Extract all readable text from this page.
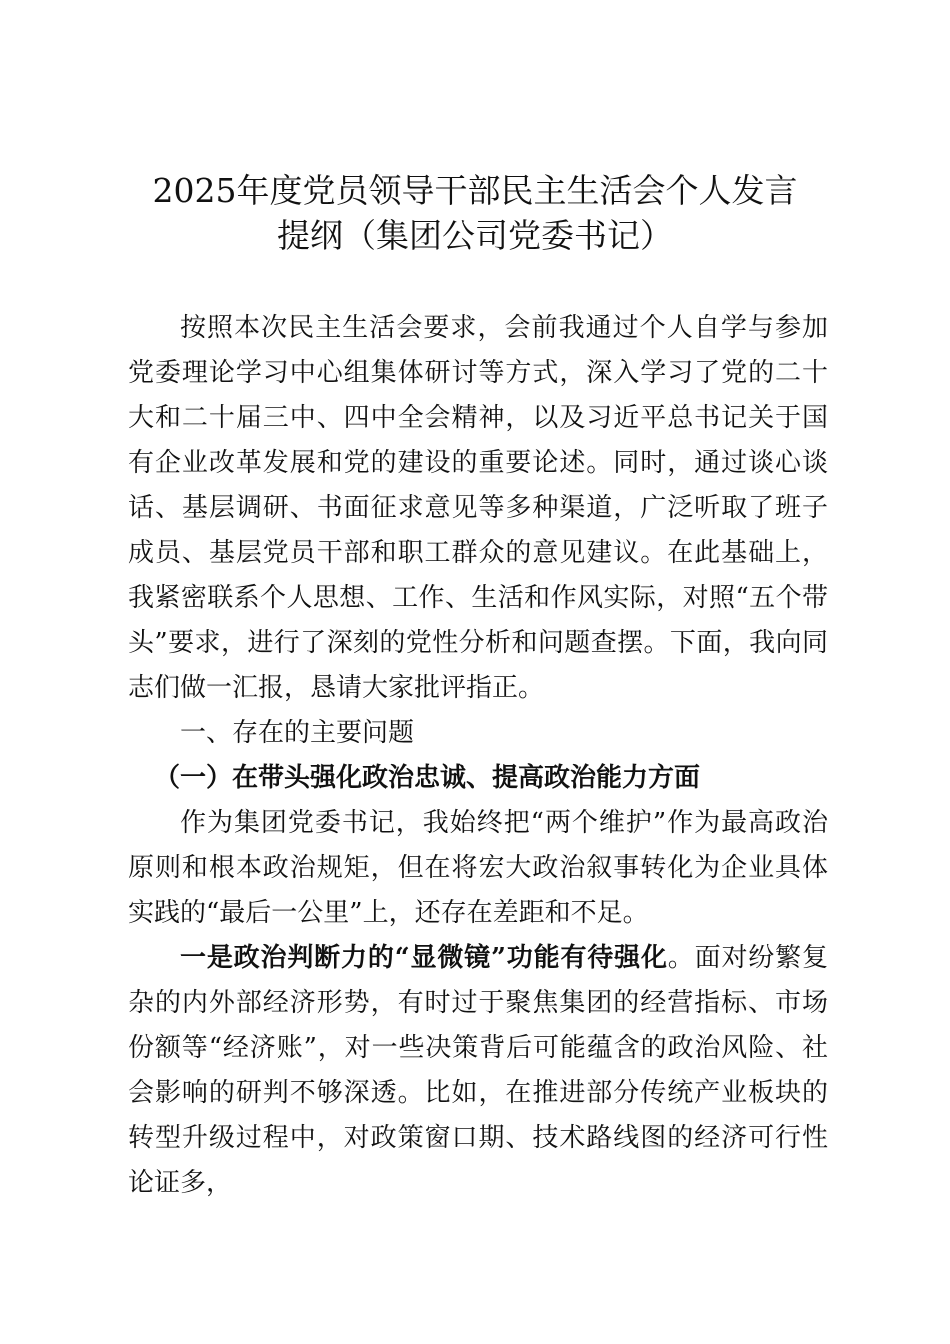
2025年度党员领导干部民主生活会个人发言
提纲（集团公司党委书记）

按照本次民主生活会要求，会前我通过个人自学与参加党委理论学习中心组集体研讨等方式，深入学习了党的二十大和二十届三中、四中全会精神，以及习近平总书记关于国有企业改革发展和党的建设的重要论述。同时，通过谈心谈话、基层调研、书面征求意见等多种渠道，广泛听取了班子成员、基层党员干部和职工群众的意见建议。在此基础上，我紧密联系个人思想、工作、生活和作风实际，对照“五个带头”要求，进行了深刻的党性分析和问题查摆。下面，我向同志们做一汇报，恳请大家批评指正。

一、存在的主要问题

（一）在带头强化政治忠诚、提高政治能力方面

作为集团党委书记，我始终把“两个维护”作为最高政治原则和根本政治规矩，但在将宏大政治叙事转化为企业具体实践的“最后一公里”上，还存在差距和不足。

一是政治判断力的“显微镜”功能有待强化。面对纷繁复杂的内外部经济形势，有时过于聚焦集团的经营指标、市场份额等“经济账”，对一些决策背后可能蕴含的政治风险、社会影响的研判不够深透。比如，在推进部分传统产业板块的转型升级过程中，对政策窗口期、技术路线图的经济可行性论证多，
